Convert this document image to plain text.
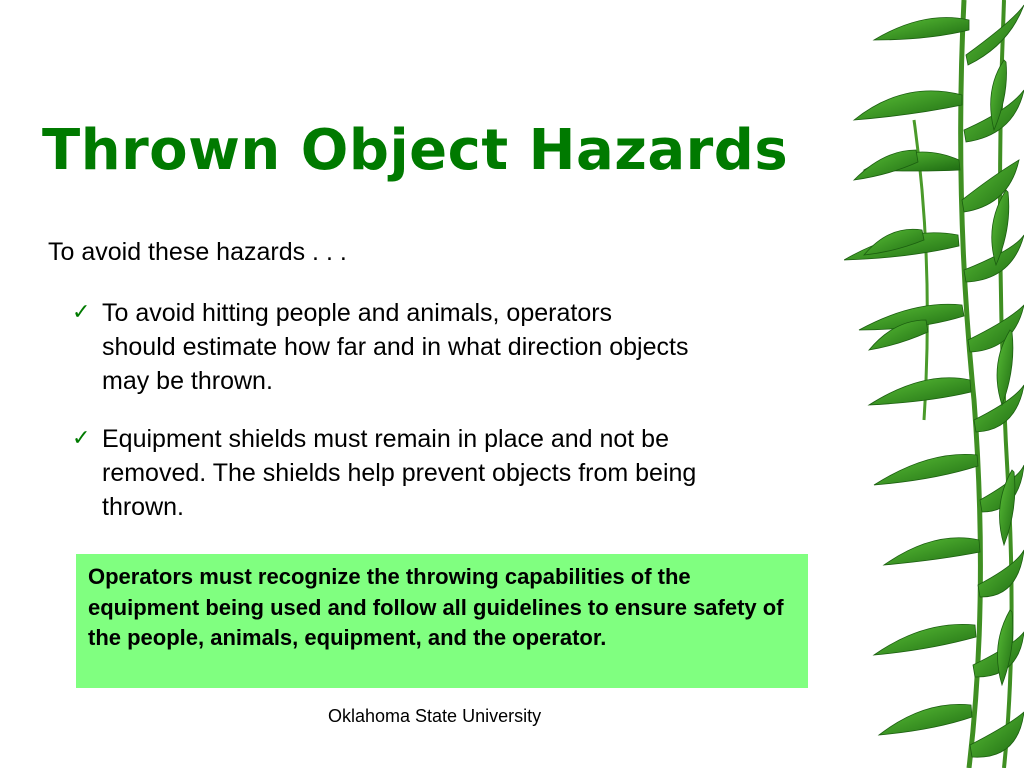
Thrown Object Hazards

To avoid these hazards . . .

✓ To avoid hitting people and animals, operators should estimate how far and in what direction objects may be thrown.
✓ Equipment shields must remain in place and not be removed. The shields help prevent objects from being thrown.
Operators must recognize the throwing capabilities of the equipment being used and follow all guidelines to ensure safety of the people, animals, equipment, and the operator.
Oklahoma State University
